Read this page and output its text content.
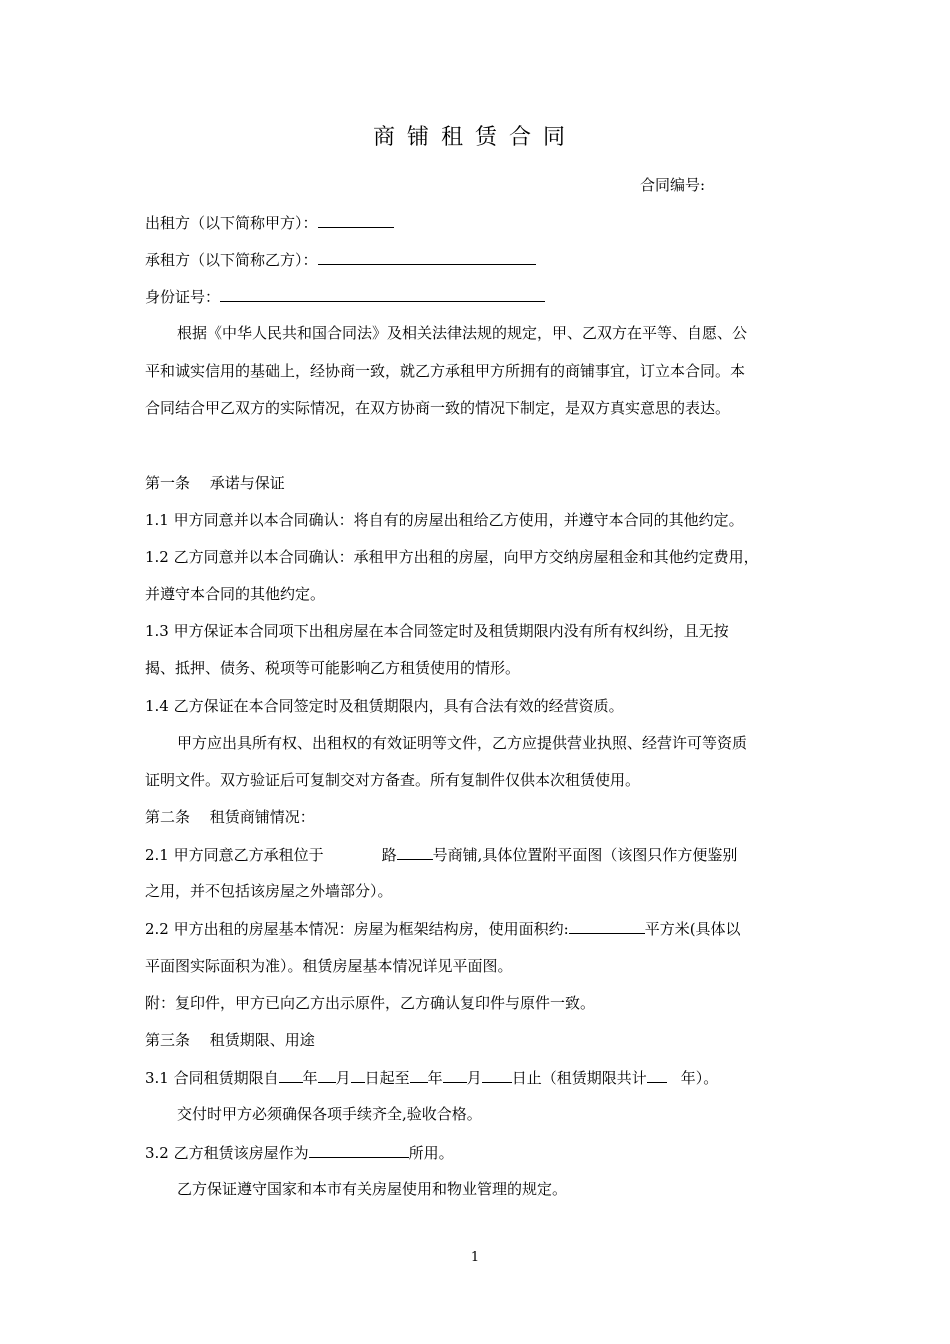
商铺租赁合同
合同编号:
出租方（以下简称甲方）：
承租方（以下简称乙方）：
身份证号：
根据《中华人民共和国合同法》及相关法律法规的规定，甲、乙双方在平等、自愿、公
平和诚实信用的基础上，经协商一致，就乙方承租甲方所拥有的商铺事宜，订立本合同。本
合同结合甲乙双方的实际情况，在双方协商一致的情况下制定，是双方真实意思的表达。
第一条　 承诺与保证
1.1 甲方同意并以本合同确认：将自有的房屋出租给乙方使用，并遵守本合同的其他约定。
1.2 乙方同意并以本合同确认：承租甲方出租的房屋，向甲方交纳房屋租金和其他约定费用，
并遵守本合同的其他约定。
1.3 甲方保证本合同项下出租房屋在本合同签定时及租赁期限内没有所有权纠纷，且无按
揭、抵押、债务、税项等可能影响乙方租赁使用的情形。
1.4 乙方保证在本合同签定时及租赁期限内，具有合法有效的经营资质。
甲方应出具所有权、出租权的有效证明等文件，乙方应提供营业执照、经营许可等资质
证明文件。双方验证后可复制交对方备查。所有复制件仅供本次租赁使用。
第二条　 租赁商铺情况：
2.1 甲方同意乙方承租位于	路 号商铺,具体位置附平面图（该图只作方便鉴别
之用，并不包括该房屋之外墙部分）。
2.2 甲方出租的房屋基本情况：房屋为框架结构房，使用面积约:	平方米(具体以
平面图实际面积为准）。租赁房屋基本情况详见平面图。
附：复印件，甲方已向乙方出示原件，乙方确认复印件与原件一致。
第三条　 租赁期限、用途
3.1 合同租赁期限自 年 月 日起至 年 月 日止（租赁期限共计 年）。
交付时甲方必须确保各项手续齐全,验收合格。
3.2 乙方租赁该房屋作为	所用。
乙方保证遵守国家和本市有关房屋使用和物业管理的规定。
1
